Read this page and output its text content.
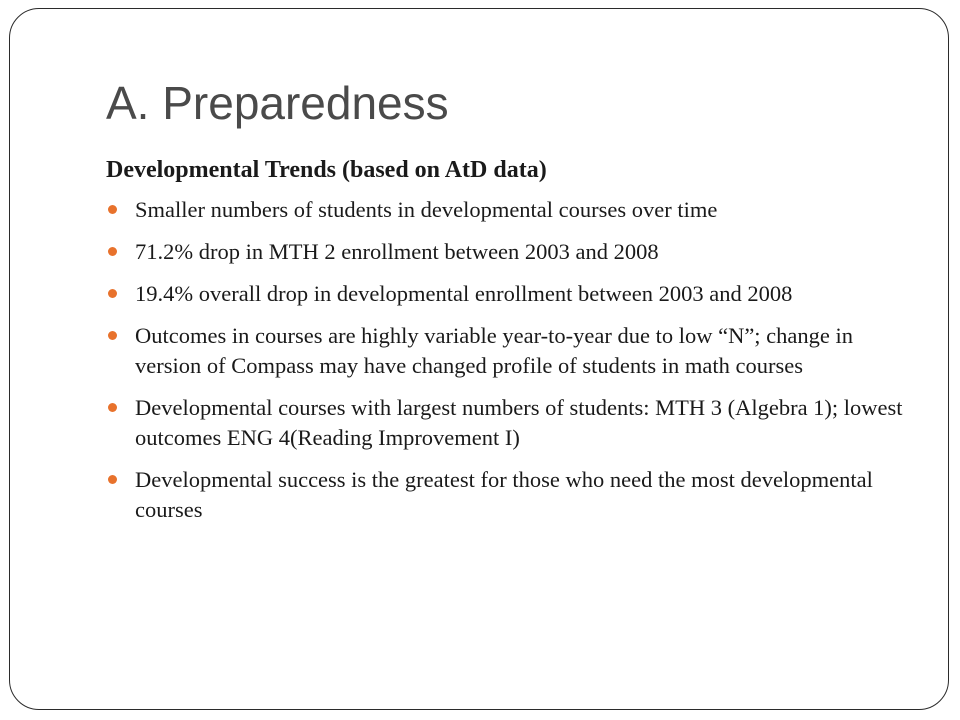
A. Preparedness
Developmental Trends (based on AtD data)
Smaller numbers of students in developmental courses over time
71.2% drop in MTH 2 enrollment between 2003 and 2008
19.4% overall drop in developmental enrollment between 2003 and 2008
Outcomes in courses are highly variable year-to-year due to low “N”; change in version of Compass may have changed profile of students in math courses
Developmental courses with largest numbers of students: MTH 3 (Algebra 1); lowest outcomes ENG 4(Reading Improvement I)
Developmental success is the greatest for those who need the most developmental courses
